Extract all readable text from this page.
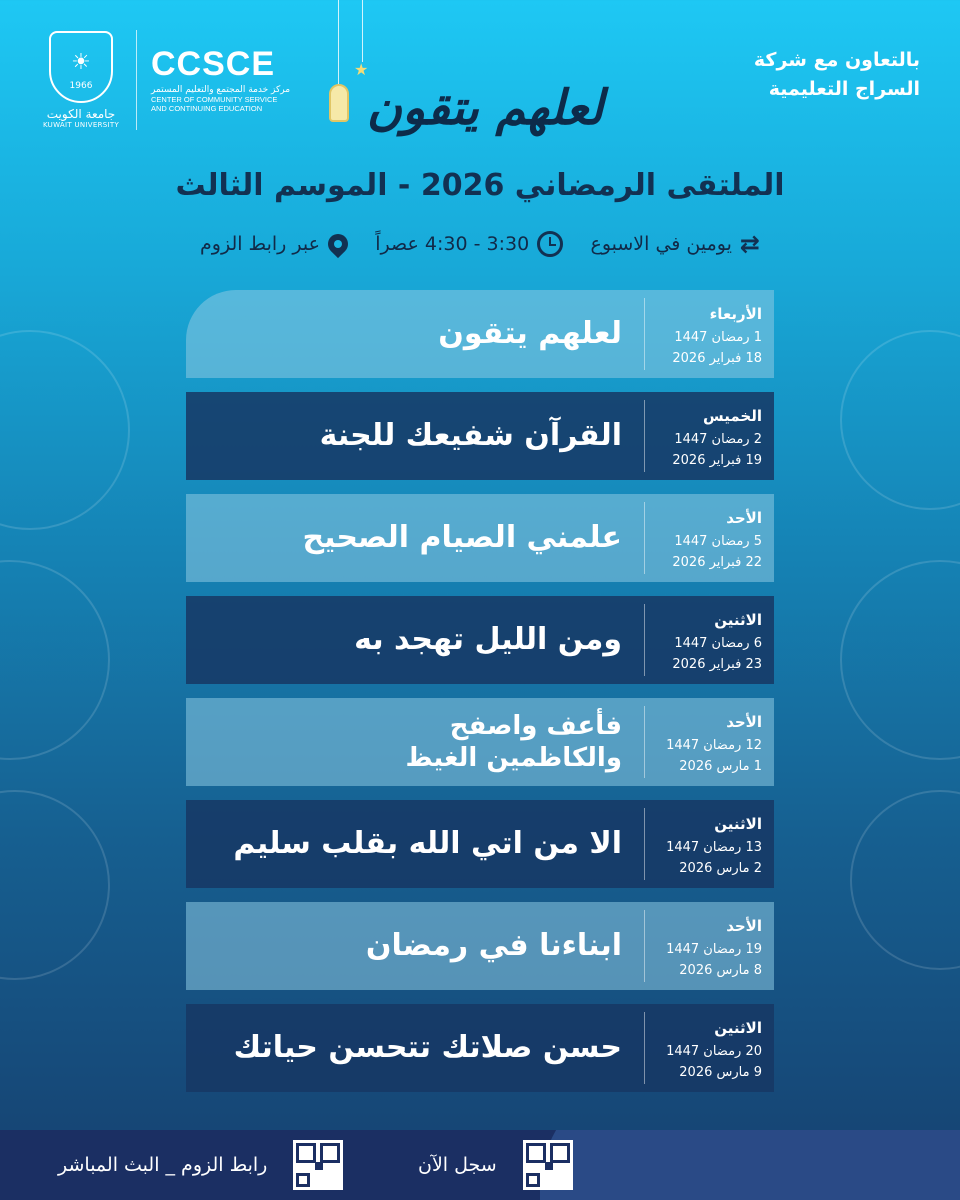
☀
1966
جامعة الكويت
KUWAIT UNIVERSITY
CCSCE
مركز خدمة المجتمع والتعليم المستمر
CENTER OF COMMUNITY SERVICE
AND CONTINUING EDUCATION
★
لعلهم يتقون
بالتعاون مع شركة
السراج التعليمية
الملتقى الرمضاني 2026 - الموسم الثالث
⇄
يومين في الاسبوع
3:30 - 4:30 عصراً
عبر رابط الزوم
الأربعاء
1 رمضان 1447
18 فبراير 2026
لعلهم يتقون
الخميس
2 رمضان 1447
19 فبراير 2026
القرآن شفيعك للجنة
الأحد
5 رمضان 1447
22 فبراير 2026
علمني الصيام الصحيح
الاثنين
6 رمضان 1447
23 فبراير 2026
ومن الليل تهجد به
الأحد
12 رمضان 1447
1 مارس 2026
فأعف واصفح والكاظمين الغيظ
الاثنين
13 رمضان 1447
2 مارس 2026
الا من اتي الله بقلب سليم
الأحد
19 رمضان 1447
8 مارس 2026
ابناءنا في رمضان
الاثنين
20 رمضان 1447
9 مارس 2026
حسن صلاتك تتحسن حياتك
رابط الزوم _ البث المباشر	سجل الآن
